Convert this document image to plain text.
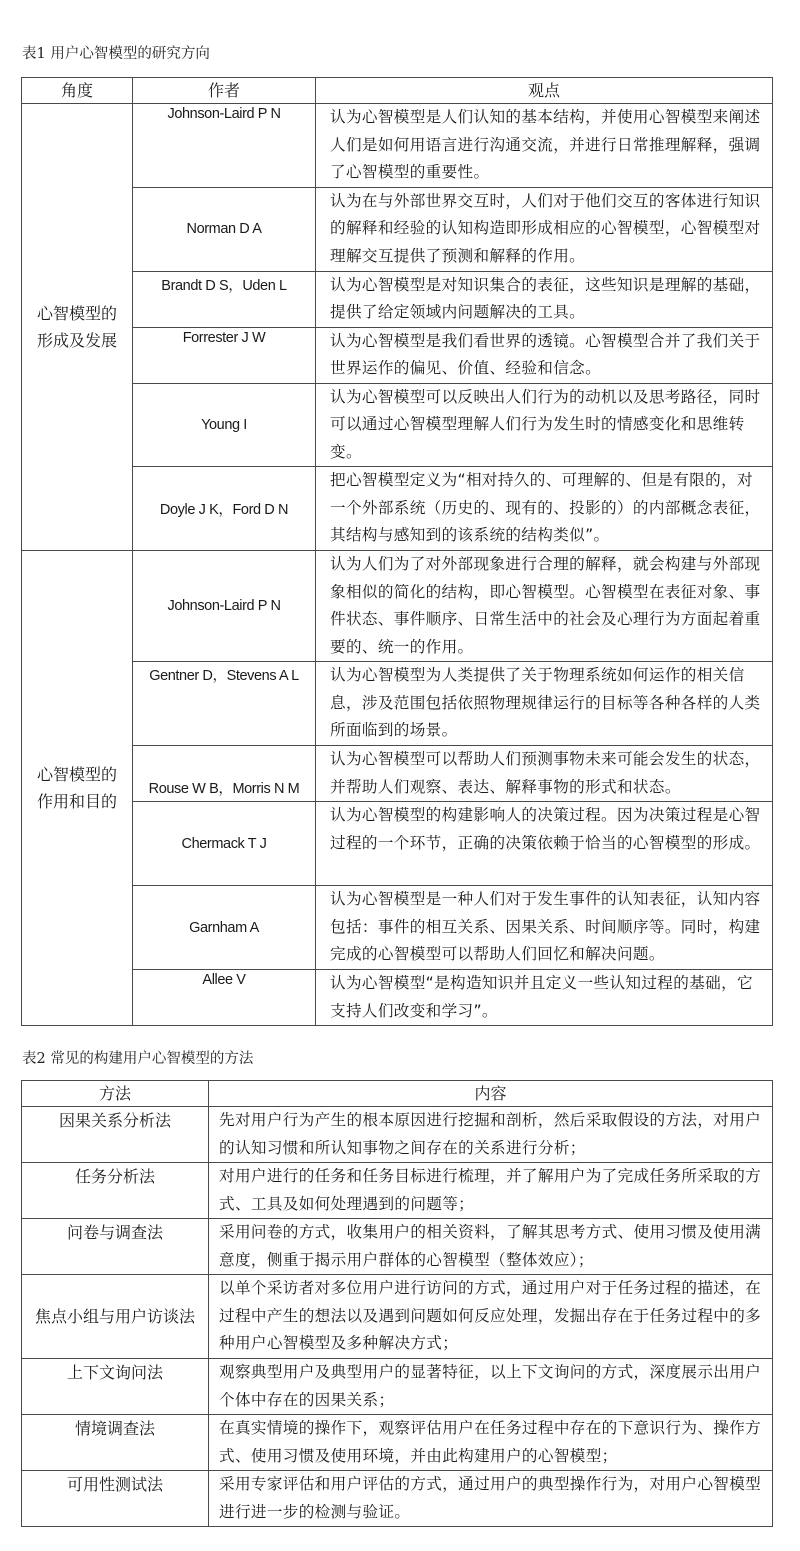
表1 用户心智模型的研究方向
角度	作者	观点

心智模型的
形成及发展	Johnson-Laird P N	认为心智模型是人们认知的基本结构，并使用心智模型来阐述人们是如何用语言进行沟通交流，并进行日常推理解释，强调了心智模型的重要性。
	Norman D A	认为在与外部世界交互时，人们对于他们交互的客体进行知识的解释和经验的认知构造即形成相应的心智模型，心智模型对理解交互提供了预测和解释的作用。
	Brandt D S，Uden L	认为心智模型是对知识集合的表征，这些知识是理解的基础，提供了给定领域内问题解决的工具。
	Forrester J W	认为心智模型是我们看世界的透镜。心智模型合并了我们关于世界运作的偏见、价值、经验和信念。
	Young I	认为心智模型可以反映出人们行为的动机以及思考路径，同时可以通过心智模型理解人们行为发生时的情感变化和思维转变。
	Doyle J K，Ford D N	把心智模型定义为“相对持久的、可理解的、但是有限的，对一个外部系统（历史的、现有的、投影的）的内部概念表征，其结构与感知到的该系统的结构类似”。

心智模型的
作用和目的	Johnson-Laird P N	认为人们为了对外部现象进行合理的解释，就会构建与外部现象相似的简化的结构，即心智模型。心智模型在表征对象、事件状态、事件顺序、日常生活中的社会及心理行为方面起着重要的、统一的作用。
	Gentner D，Stevens A L	认为心智模型为人类提供了关于物理系统如何运作的相关信息，涉及范围包括依照物理规律运行的目标等各种各样的人类所面临到的场景。
	Rouse W B，Morris N M	认为心智模型可以帮助人们预测事物未来可能会发生的状态，并帮助人们观察、表达、解释事物的形式和状态。
	Chermack T J	认为心智模型的构建影响人的决策过程。因为决策过程是心智过程的一个环节，正确的决策依赖于恰当的心智模型的形成。
	Garnham A	认为心智模型是一种人们对于发生事件的认知表征，认知内容包括：事件的相互关系、因果关系、时间顺序等。同时，构建完成的心智模型可以帮助人们回忆和解决问题。
	Allee V	认为心智模型“是构造知识并且定义一些认知过程的基础，它支持人们改变和学习”。
表2 常见的构建用户心智模型的方法
方法	内容
因果关系分析法	先对用户行为产生的根本原因进行挖掘和剖析，然后采取假设的方法，对用户的认知习惯和所认知事物之间存在的关系进行分析；
任务分析法	对用户进行的任务和任务目标进行梳理，并了解用户为了完成任务所采取的方式、工具及如何处理遇到的问题等；
问卷与调查法	采用问卷的方式，收集用户的相关资料，了解其思考方式、使用习惯及使用满意度，侧重于揭示用户群体的心智模型（整体效应）；
焦点小组与用户访谈法	以单个采访者对多位用户进行访问的方式，通过用户对于任务过程的描述，在过程中产生的想法以及遇到问题如何反应处理，发掘出存在于任务过程中的多种用户心智模型及多种解决方式；
上下文询问法	观察典型用户及典型用户的显著特征，以上下文询问的方式，深度展示出用户个体中存在的因果关系；
情境调查法	在真实情境的操作下，观察评估用户在任务过程中存在的下意识行为、操作方式、使用习惯及使用环境，并由此构建用户的心智模型；
可用性测试法	采用专家评估和用户评估的方式，通过用户的典型操作行为，对用户心智模型进行进一步的检测与验证。
